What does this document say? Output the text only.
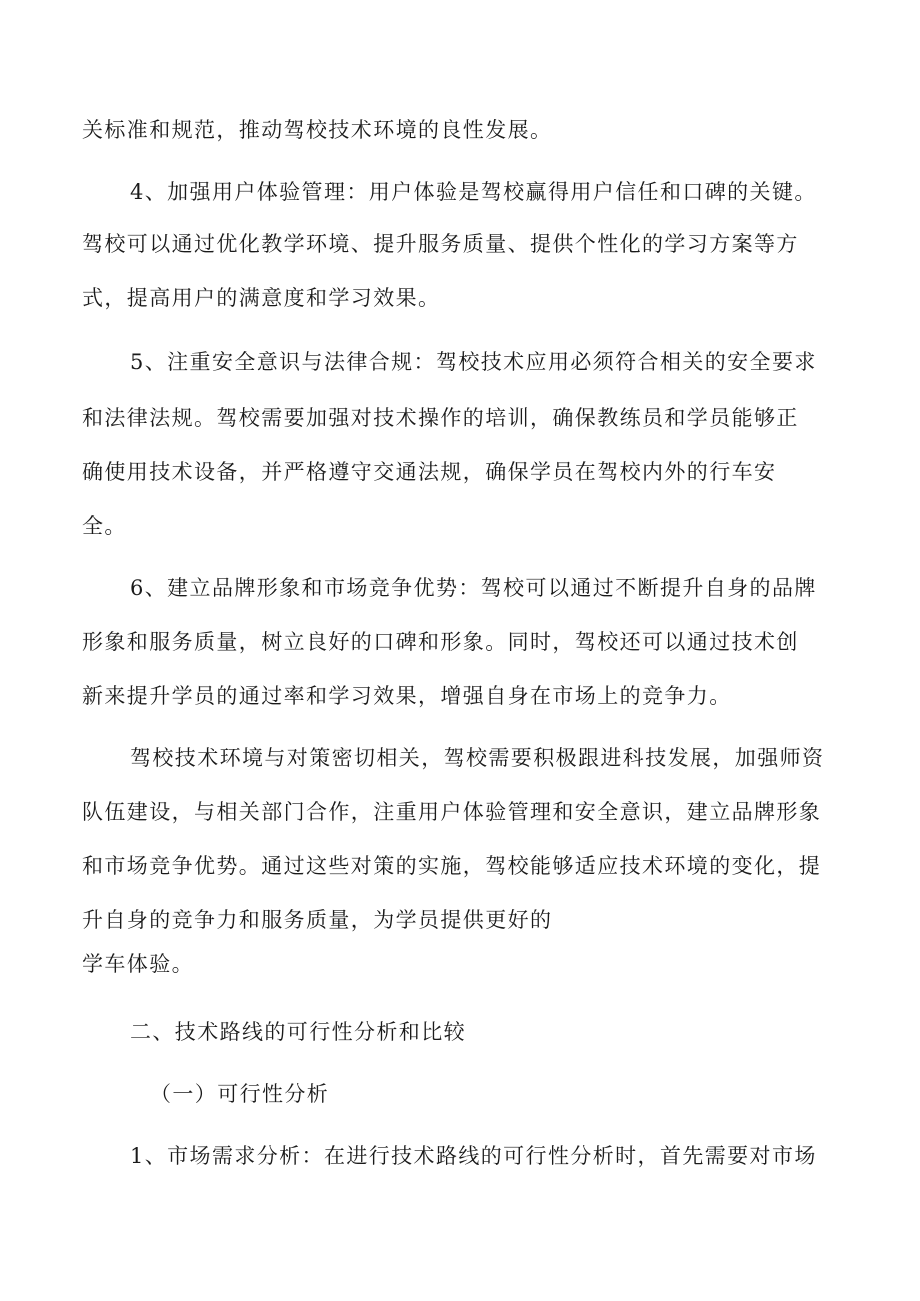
关标准和规范，推动驾校技术环境的良性发展。
4、加强用户体验管理：用户体验是驾校赢得用户信任和口碑的关键。
驾校可以通过优化教学环境、提升服务质量、提供个性化的学习方案等方
式，提高用户的满意度和学习效果。
5、注重安全意识与法律合规：驾校技术应用必须符合相关的安全要求
和法律法规。驾校需要加强对技术操作的培训，确保教练员和学员能够正
确使用技术设备，并严格遵守交通法规，确保学员在驾校内外的行车安
全。
6、建立品牌形象和市场竞争优势：驾校可以通过不断提升自身的品牌
形象和服务质量，树立良好的口碑和形象。同时，驾校还可以通过技术创
新来提升学员的通过率和学习效果，增强自身在市场上的竞争力。
驾校技术环境与对策密切相关，驾校需要积极跟进科技发展，加强师资
队伍建设，与相关部门合作，注重用户体验管理和安全意识，建立品牌形象
和市场竞争优势。通过这些对策的实施，驾校能够适应技术环境的变化，提
升自身的竞争力和服务质量，为学员提供更好的
学车体验。
二、技术路线的可行性分析和比较
（一）可行性分析
1、市场需求分析：在进行技术路线的可行性分析时，首先需要对市场
